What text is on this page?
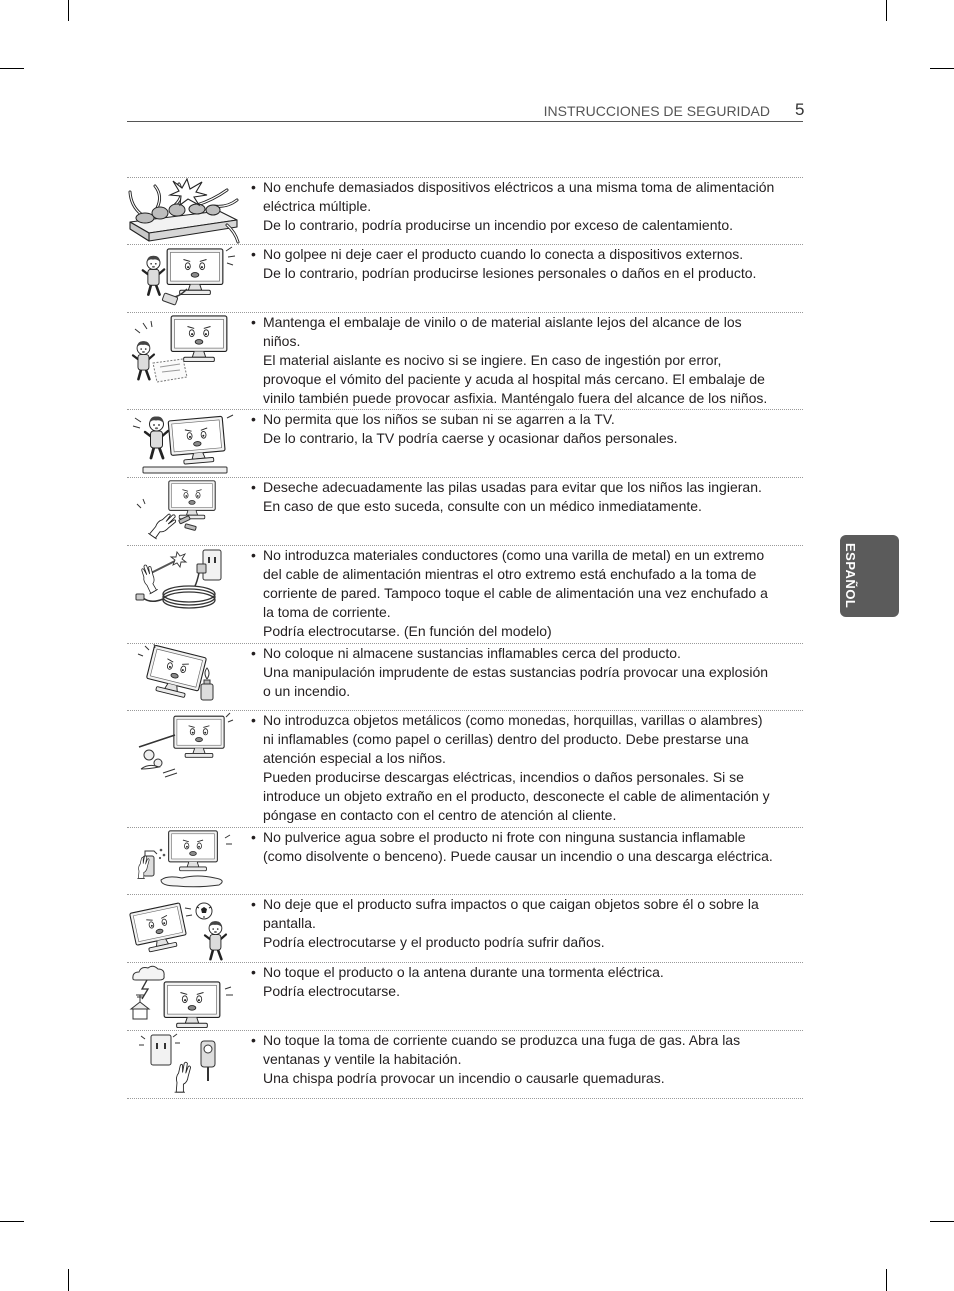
INSTRUCCIONES DE SEGURIDAD 5
ESPAÑOL
• No enchufe demasiados dispositivos eléctricos a una misma toma de alimentación
eléctrica múltiple.
De lo contrario, podría producirse un incendio por exceso de calentamiento.
• No golpee ni deje caer el producto cuando lo conecta a dispositivos externos.
De lo contrario, podrían producirse lesiones personales o daños en el producto.
• Mantenga el embalaje de vinilo o de material aislante lejos del alcance de los
niños.
El material aislante es nocivo si se ingiere. En caso de ingestión por error,
provoque el vómito del paciente y acuda al hospital más cercano. El embalaje de
vinilo también puede provocar asfixia. Manténgalo fuera del alcance de los niños.
• No permita que los niños se suban ni se agarren a la TV.
De lo contrario, la TV podría caerse y ocasionar daños personales.
• Deseche adecuadamente las pilas usadas para evitar que los niños las ingieran.
En caso de que esto suceda, consulte con un médico inmediatamente.
• No introduzca materiales conductores (como una varilla de metal) en un extremo
del cable de alimentación mientras el otro extremo está enchufado a la toma de
corriente de pared. Tampoco toque el cable de alimentación una vez enchufado a
la toma de corriente.
Podría electrocutarse. (En función del modelo)
• No coloque ni almacene sustancias inflamables cerca del producto.
Una manipulación imprudente de estas sustancias podría provocar una explosión
o un incendio.
• No introduzca objetos metálicos (como monedas, horquillas, varillas o alambres)
ni inflamables (como papel o cerillas) dentro del producto. Debe prestarse una
atención especial a los niños.
Pueden producirse descargas eléctricas, incendios o daños personales. Si se
introduce un objeto extraño en el producto, desconecte el cable de alimentación y
póngase en contacto con el centro de atención al cliente.
• No pulverice agua sobre el producto ni frote con ninguna sustancia inflamable
(como disolvente o benceno). Puede causar un incendio o una descarga eléctrica.
• No deje que el producto sufra impactos o que caigan objetos sobre él o sobre la
pantalla.
Podría electrocutarse y el producto podría sufrir daños.
• No toque el producto o la antena durante una tormenta eléctrica.
Podría electrocutarse.
• No toque la toma de corriente cuando se produzca una fuga de gas. Abra las
ventanas y ventile la habitación.
Una chispa podría provocar un incendio o causarle quemaduras.
